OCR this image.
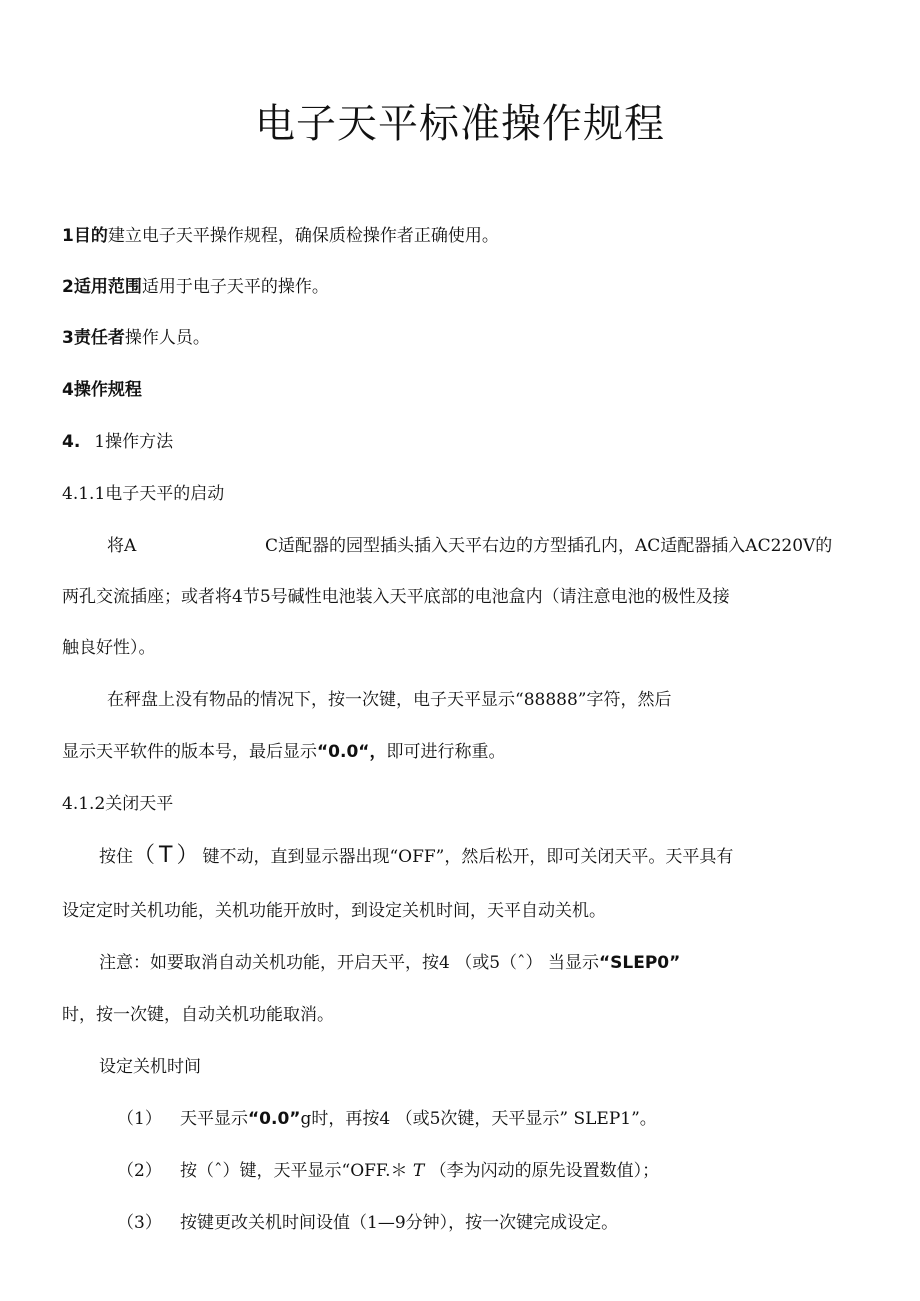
电子天平标准操作规程
1目的建立电子天平操作规程，确保质检操作者正确使用。
2适用范围适用于电子天平的操作。
3责任者操作人员。
4操作规程
4. 1操作方法
4.1.1电子天平的启动
将A	C适配器的园型插头插入天平右边的方型插孔内，AC适配器插入AC220V的
两孔交流插座；或者将4节5号碱性电池装入天平底部的电池盒内（请注意电池的极性及接
触良好性）。
在秤盘上没有物品的情况下，按一次键，电子天平显示“88888”字符，然后
显示天平软件的版本号，最后显示“0.0“，即可进行称重。
4.1.2关闭天平
按住（T）键不动，直到显示器出现“OFF”，然后松开，即可关闭天平。天平具有
设定定时关机功能，关机功能开放时，到设定关机时间，天平自动关机。
注意：如要取消自动关机功能，开启天平，按4 （或5（ˆ） 当显示“SLEP0”
时，按一次键，自动关机功能取消。
设定关机时间
（1） 天平显示“0.0”g时，再按4 （或5次键，天平显示” SLEP1”。
（2） 按（ˆ）键，天平显示“OFF.＊ T （李为闪动的原先设置数值）；
（3） 按键更改关机时间设值（1—9分钟），按一次键完成设定。
